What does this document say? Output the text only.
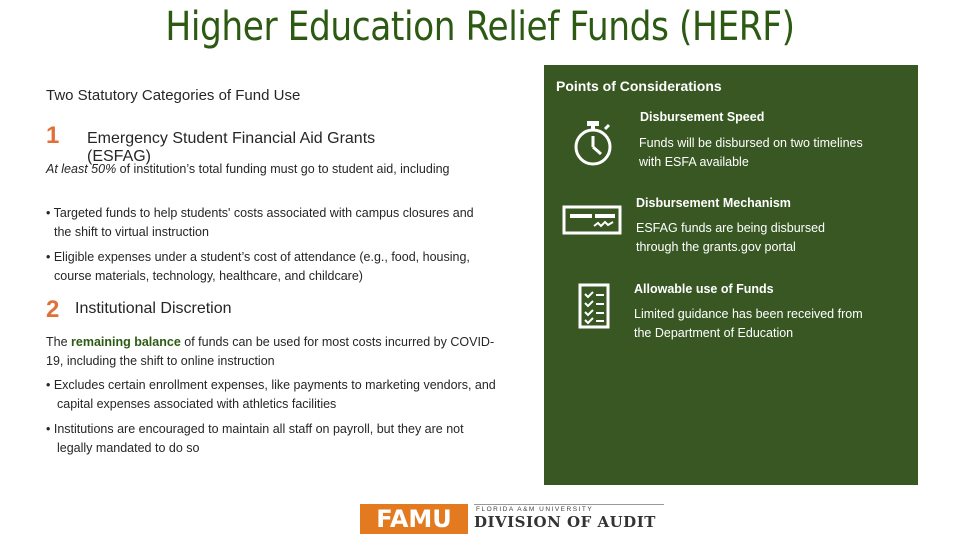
Higher Education Relief Funds (HERF)
Two Statutory Categories of Fund Use
1 Emergency Student Financial Aid Grants (ESFAG)
At least 50% of institution’s total funding must go to student aid, including
• Targeted funds to help students' costs associated with campus closures and the shift to virtual instruction
• Eligible expenses under a student’s cost of attendance (e.g., food, housing, course materials, technology, healthcare, and childcare)
2 Institutional Discretion
The remaining balance of funds can be used for most costs incurred by COVID-19, including the shift to online instruction
• Excludes certain enrollment expenses, like payments to marketing vendors, and capital expenses associated with athletics facilities
• Institutions are encouraged to maintain all staff on payroll, but they are not legally mandated to do so
Points of Considerations
Disbursement Speed
Funds will be disbursed on two timelines with ESFA available
Disbursement Mechanism
ESFAG funds are being disbursed through the grants.gov portal
Allowable use of Funds
Limited guidance has been received from the Department of Education
FAMU	FLORIDA A&M UNIVERSITY
DIVISION OF AUDIT
